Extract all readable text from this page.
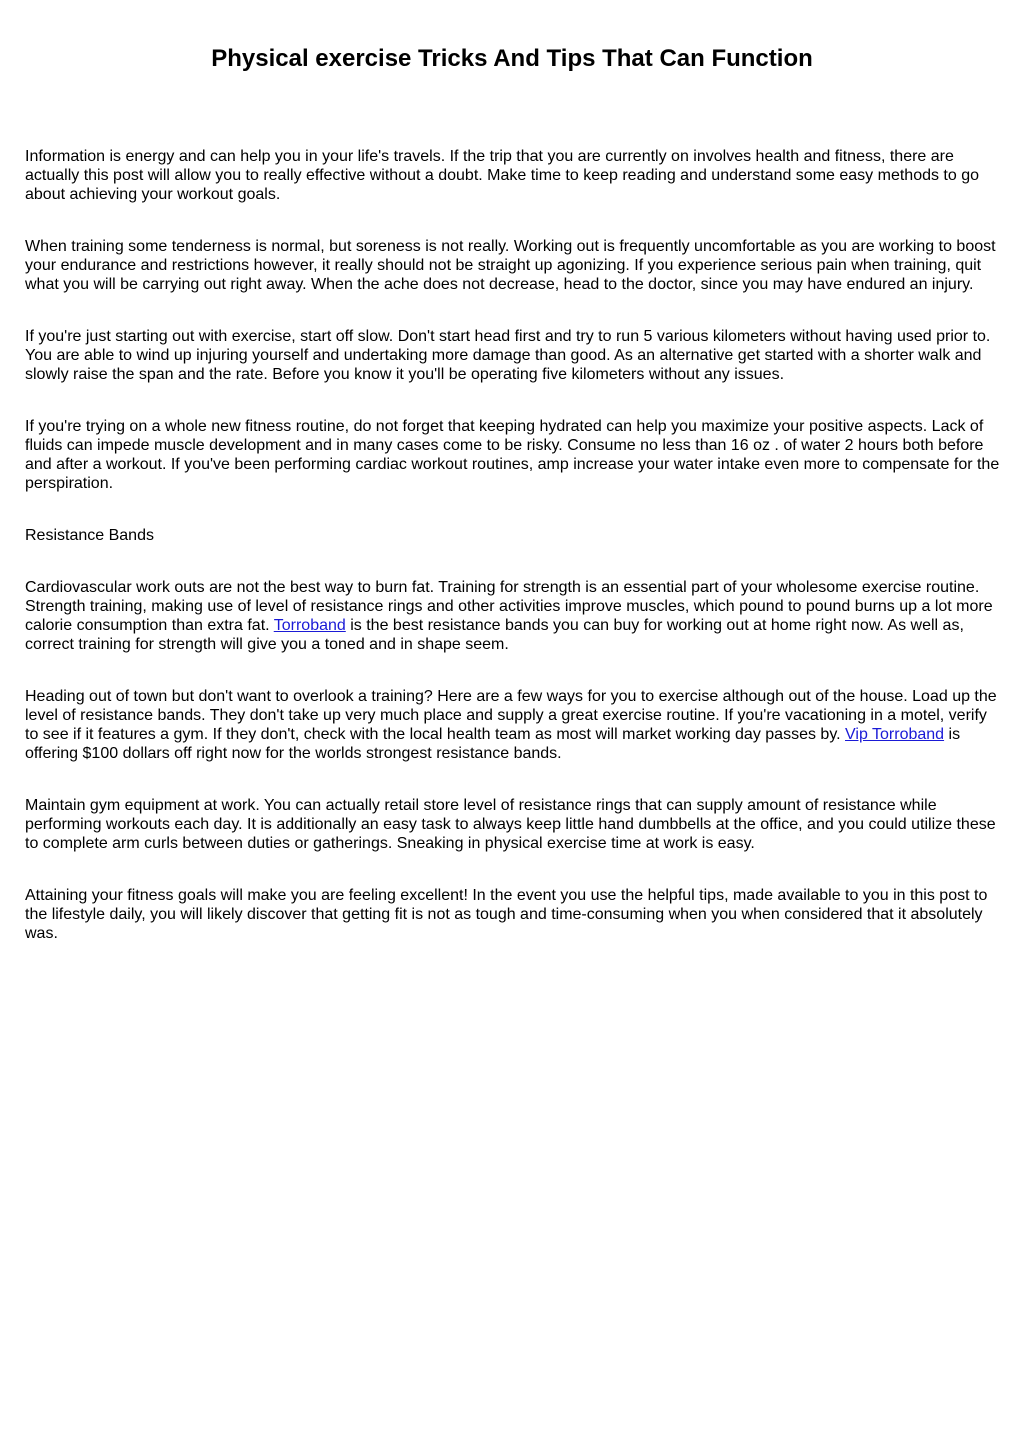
Physical exercise Tricks And Tips That Can Function

Information is energy and can help you in your life's travels. If the trip that you are currently on involves health and fitness, there are actually this post will allow you to really effective without a doubt. Make time to keep reading and understand some easy methods to go about achieving your workout goals.

When training some tenderness is normal, but soreness is not really. Working out is frequently uncomfortable as you are working to boost your endurance and restrictions however, it really should not be straight up agonizing. If you experience serious pain when training, quit what you will be carrying out right away. When the ache does not decrease, head to the doctor, since you may have endured an injury.

If you're just starting out with exercise, start off slow. Don't start head first and try to run 5 various kilometers without having used prior to. You are able to wind up injuring yourself and undertaking more damage than good. As an alternative get started with a shorter walk and slowly raise the span and the rate. Before you know it you'll be operating five kilometers without any issues.

If you're trying on a whole new fitness routine, do not forget that keeping hydrated can help you maximize your positive aspects. Lack of fluids can impede muscle development and in many cases come to be risky. Consume no less than 16 oz . of water 2 hours both before and after a workout. If you've been performing cardiac workout routines, amp increase your water intake even more to compensate for the perspiration.

Resistance Bands

Cardiovascular work outs are not the best way to burn fat. Training for strength is an essential part of your wholesome exercise routine. Strength training, making use of level of resistance rings and other activities improve muscles, which pound to pound burns up a lot more calorie consumption than extra fat. Torroband is the best resistance bands you can buy for working out at home right now. As well as, correct training for strength will give you a toned and in shape seem.

Heading out of town but don't want to overlook a training? Here are a few ways for you to exercise although out of the house. Load up the level of resistance bands. They don't take up very much place and supply a great exercise routine. If you're vacationing in a motel, verify to see if it features a gym. If they don't, check with the local health team as most will market working day passes by. Vip Torroband is offering $100 dollars off right now for the worlds strongest resistance bands.

Maintain gym equipment at work. You can actually retail store level of resistance rings that can supply amount of resistance while performing workouts each day. It is additionally an easy task to always keep little hand dumbbells at the office, and you could utilize these to complete arm curls between duties or gatherings. Sneaking in physical exercise time at work is easy.

Attaining your fitness goals will make you are feeling excellent! In the event you use the helpful tips, made available to you in this post to the lifestyle daily, you will likely discover that getting fit is not as tough and time-consuming when you when considered that it absolutely was.
